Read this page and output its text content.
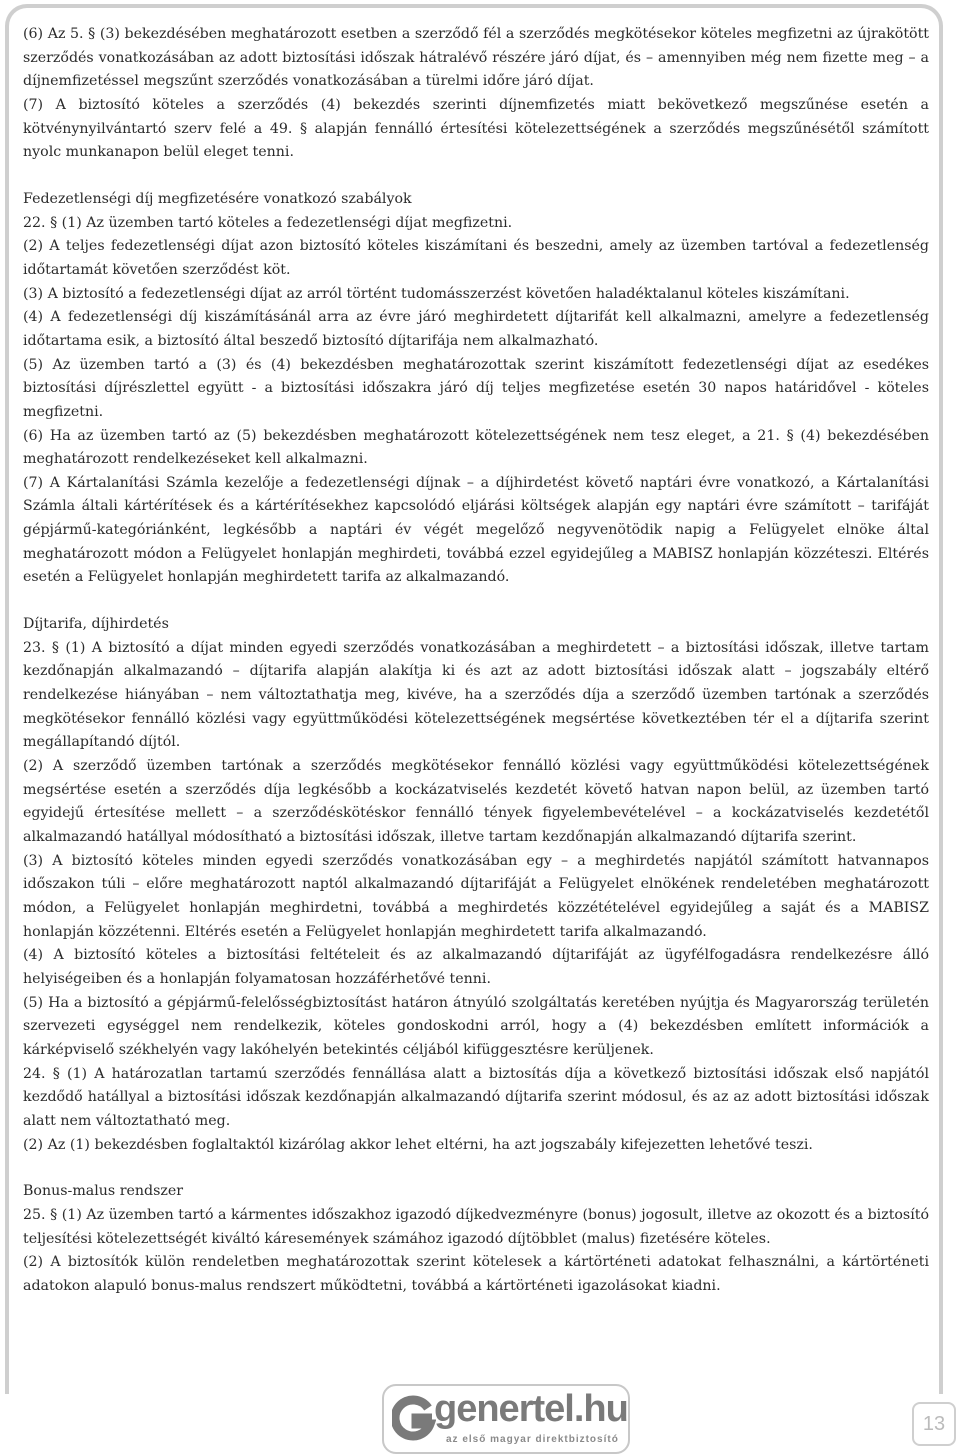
(6) Az 5. § (3) bekezdésében meghatározott esetben a szerződő fél a szerződés megkötésekor köteles megfizetni az újrakötött szerződés vonatkozásában az adott biztosítási időszak hátralévő részére járó díjat, és – amennyiben még nem fizette meg – a díjnemfizetéssel megszűnt szerződés vonatkozásában a türelmi időre járó díjat.

(7) A biztosító köteles a szerződés (4) bekezdés szerinti díjnemfizetés miatt bekövetkező megszűnése esetén a kötvénynyilvántartó szerv felé a 49. § alapján fennálló értesítési kötelezettségének a szerződés megszűnésétől számított nyolc munkanapon belül eleget tenni.

Fedezetlenségi díj megfizetésére vonatkozó szabályok

22. § (1) Az üzemben tartó köteles a fedezetlenségi díjat megfizetni.

(2) A teljes fedezetlenségi díjat azon biztosító köteles kiszámítani és beszedni, amely az üzemben tartóval a fedezetlenség időtartamát követően szerződést köt.

(3) A biztosító a fedezetlenségi díjat az arról történt tudomásszerzést követően haladéktalanul köteles kiszámítani.

(4) A fedezetlenségi díj kiszámításánál arra az évre járó meghirdetett díjtarifát kell alkalmazni, amelyre a fedezetlenség időtartama esik, a biztosító által beszedő biztosító díjtarifája nem alkalmazható.

(5) Az üzemben tartó a (3) és (4) bekezdésben meghatározottak szerint kiszámított fedezetlenségi díjat az esedékes biztosítási díjrészlettel együtt - a biztosítási időszakra járó díj teljes megfizetése esetén 30 napos határidővel - köteles megfizetni.

(6) Ha az üzemben tartó az (5) bekezdésben meghatározott kötelezettségének nem tesz eleget, a 21. § (4) bekezdésében meghatározott rendelkezéseket kell alkalmazni.

(7) A Kártalanítási Számla kezelője a fedezetlenségi díjnak – a díjhirdetést követő naptári évre vonatkozó, a Kártalanítási Számla általi kártérítések és a kártérítésekhez kapcsolódó eljárási költségek alapján egy naptári évre számított – tarifáját gépjármű-kategóriánként, legkésőbb a naptári év végét megelőző negyvenötödik napig a Felügyelet elnöke által meghatározott módon a Felügyelet honlapján meghirdeti, továbbá ezzel egyidejűleg a MABISZ honlapján közzéteszi. Eltérés esetén a Felügyelet honlapján meghirdetett tarifa az alkalmazandó.

Díjtarifa, díjhirdetés

23. § (1) A biztosító a díjat minden egyedi szerződés vonatkozásában a meghirdetett – a biztosítási időszak, illetve tartam kezdőnapján alkalmazandó – díjtarifa alapján alakítja ki és azt az adott biztosítási időszak alatt – jogszabály eltérő rendelkezése hiányában – nem változtathatja meg, kivéve, ha a szerződés díja a szerződő üzemben tartónak a szerződés megkötésekor fennálló közlési vagy együttműködési kötelezettségének megsértése következtében tér el a díjtarifa szerint megállapítandó díjtól.

(2) A szerződő üzemben tartónak a szerződés megkötésekor fennálló közlési vagy együttműködési kötelezettségének megsértése esetén a szerződés díja legkésőbb a kockázatviselés kezdetét követő hatvan napon belül, az üzemben tartó egyidejű értesítése mellett – a szerződéskötéskor fennálló tények figyelembevételével – a kockázatviselés kezdetétől alkalmazandó hatállyal módosítható a biztosítási időszak, illetve tartam kezdőnapján alkalmazandó díjtarifa szerint.

(3) A biztosító köteles minden egyedi szerződés vonatkozásában egy – a meghirdetés napjától számított hatvannapos időszakon túli – előre meghatározott naptól alkalmazandó díjtarifáját a Felügyelet elnökének rendeletében meghatározott módon, a Felügyelet honlapján meghirdetni, továbbá a meghirdetés közzétételével egyidejűleg a saját és a MABISZ honlapján közzétenni. Eltérés esetén a Felügyelet honlapján meghirdetett tarifa alkalmazandó.

(4) A biztosító köteles a biztosítási feltételeit és az alkalmazandó díjtarifáját az ügyfélfogadásra rendelkezésre álló helyiségeiben és a honlapján folyamatosan hozzáférhetővé tenni.

(5) Ha a biztosító a gépjármű-felelősségbiztosítást határon átnyúló szolgáltatás keretében nyújtja és Magyarország területén szervezeti egységgel nem rendelkezik, köteles gondoskodni arról, hogy a (4) bekezdésben említett információk a kárképviselő székhelyén vagy lakóhelyén betekintés céljából kifüggesztésre kerüljenek.

24. § (1) A határozatlan tartamú szerződés fennállása alatt a biztosítás díja a következő biztosítási időszak első napjától kezdődő hatállyal a biztosítási időszak kezdőnapján alkalmazandó díjtarifa szerint módosul, és az az adott biztosítási időszak alatt nem változtatható meg.

(2) Az (1) bekezdésben foglaltaktól kizárólag akkor lehet eltérni, ha azt jogszabály kifejezetten lehetővé teszi.

Bonus-malus rendszer

25. § (1) Az üzemben tartó a kármentes időszakhoz igazodó díjkedvezményre (bonus) jogosult, illetve az okozott és a biztosító teljesítési kötelezettségét kiváltó káresemények számához igazodó díjtöbblet (malus) fizetésére köteles.

(2) A biztosítók külön rendeletben meghatározottak szerint kötelesek a kártörténeti adatokat felhasználni, a kártörténeti adatokon alapuló bonus-malus rendszert működtetni, továbbá a kártörténeti igazolásokat kiadni.

genertel.hu
az első magyar direktbiztosító
13
